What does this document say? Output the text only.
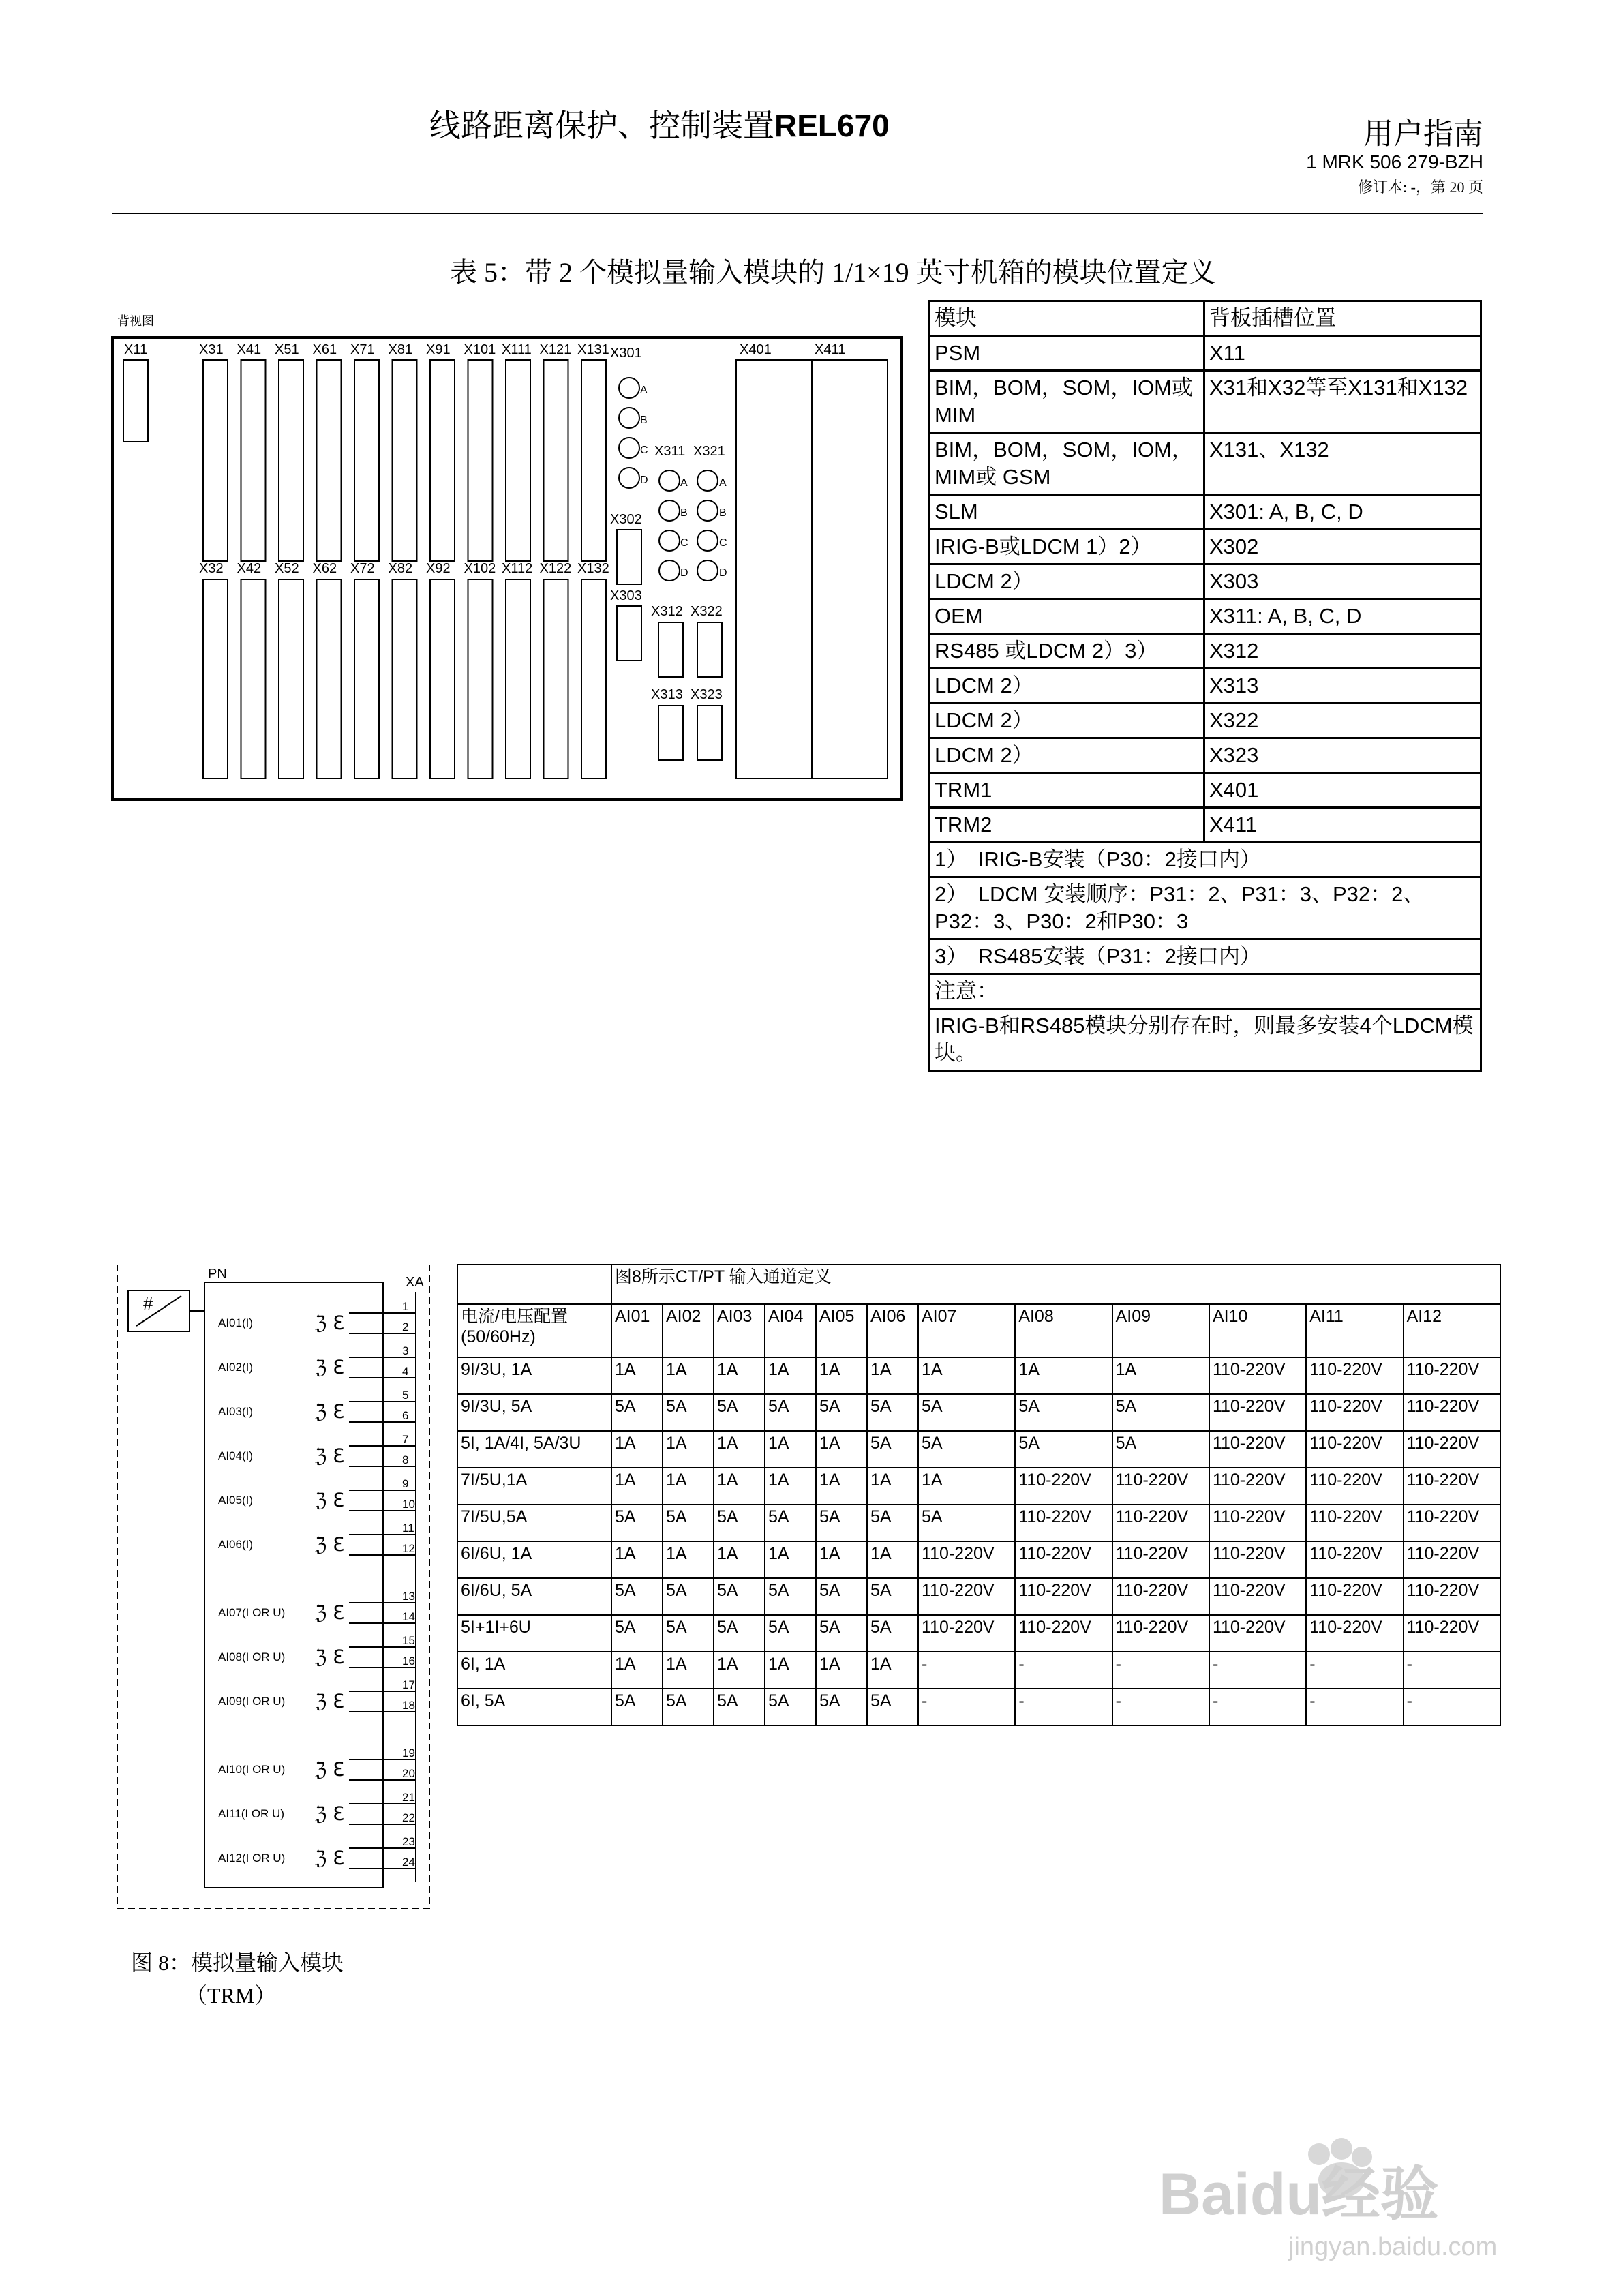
线路距离保护、控制装置REL670	用户指南
1 MRK 506 279-BZH
修订本: -，第 20 页
表 5：带 2 个模拟量输入模块的 1/1×19 英寸机箱的模块位置定义
背视图
X11	X31
X32
X41
X42
X51
X52
X61
X62
X71
X72
X81
X82
X91
X92
X101
X102
X111
X112
X121
X122
X131
X132
X301
A
B
C
D
X311 X321
A	A
B	B
C	C
D	D
X302
X303
X312 X322
X313 X323
X401	X411
模块	背板插槽位置
PSM	X11
BIM，BOM，SOM，IOM或MIM	X31和X32等至X131和X132
BIM，BOM，SOM，IOM，MIM或 GSM	X131、X132
SLM	X301: A, B, C, D
IRIG-B或LDCM 1）2）	X302
LDCM 2）	X303
OEM	X311: A, B, C, D
RS485 或LDCM 2）3）	X312
LDCM 2）	X313
LDCM 2）	X322
LDCM 2）	X323
TRM1	X401
TRM2	X411
1）　IRIG-B安装（P30：2接口内）	
2）　LDCM 安装顺序：P31：2、P31：3、P32：2、P32：3、P30：2和P30：3	
3）　RS485安装（P31：2接口内）	
注意：	
IRIG-B和RS485模块分别存在时，则最多安装4个LDCM模块。	
#
PN
XA
AI01(I)	ℨ ℇ
1
2
AI02(I)	ℨ ℇ
3
4
AI03(I)	ℨ ℇ
5
6
AI04(I)	ℨ ℇ
7
8
AI05(I)	ℨ ℇ
9
10
AI06(I)	ℨ ℇ
11
12
AI07(I OR U) ℨ ℇ
13
14
AI08(I OR U) ℨ ℇ
15
16
AI09(I OR U) ℨ ℇ
17
18
AI10(I OR U) ℨ ℇ
19
20
AI11(I OR U) ℨ ℇ
21
22
AI12(I OR U) ℨ ℇ
23
24
	图8所示CT/PT 输入通道定义											
电流/电压配置 (50/60Hz)	AI01	AI02	AI03	AI04	AI05	AI06	AI07	AI08	AI09	AI10	AI11	AI12
9I/3U, 1A	1A	1A	1A	1A	1A	1A	1A	1A	1A	110-220V	110-220V	110-220V
9I/3U, 5A	5A	5A	5A	5A	5A	5A	5A	5A	5A	110-220V	110-220V	110-220V
5I, 1A/4I, 5A/3U	1A	1A	1A	1A	1A	5A	5A	5A	5A	110-220V	110-220V	110-220V
7I/5U,1A	1A	1A	1A	1A	1A	1A	1A	110-220V	110-220V	110-220V	110-220V	110-220V
7I/5U,5A	5A	5A	5A	5A	5A	5A	5A	110-220V	110-220V	110-220V	110-220V	110-220V
6I/6U, 1A	1A	1A	1A	1A	1A	1A	110-220V	110-220V	110-220V	110-220V	110-220V	110-220V
6I/6U, 5A	5A	5A	5A	5A	5A	5A	110-220V	110-220V	110-220V	110-220V	110-220V	110-220V
5I+1I+6U	5A	5A	5A	5A	5A	5A	110-220V	110-220V	110-220V	110-220V	110-220V	110-220V
6I, 1A	1A	1A	1A	1A	1A	1A	-	-	-	-	-	-
6I, 5A	5A	5A	5A	5A	5A	5A	-	-	-	-	-	-
图 8：模拟量输入模块
（TRM）
Baidu经验
jingyan.baidu.com
